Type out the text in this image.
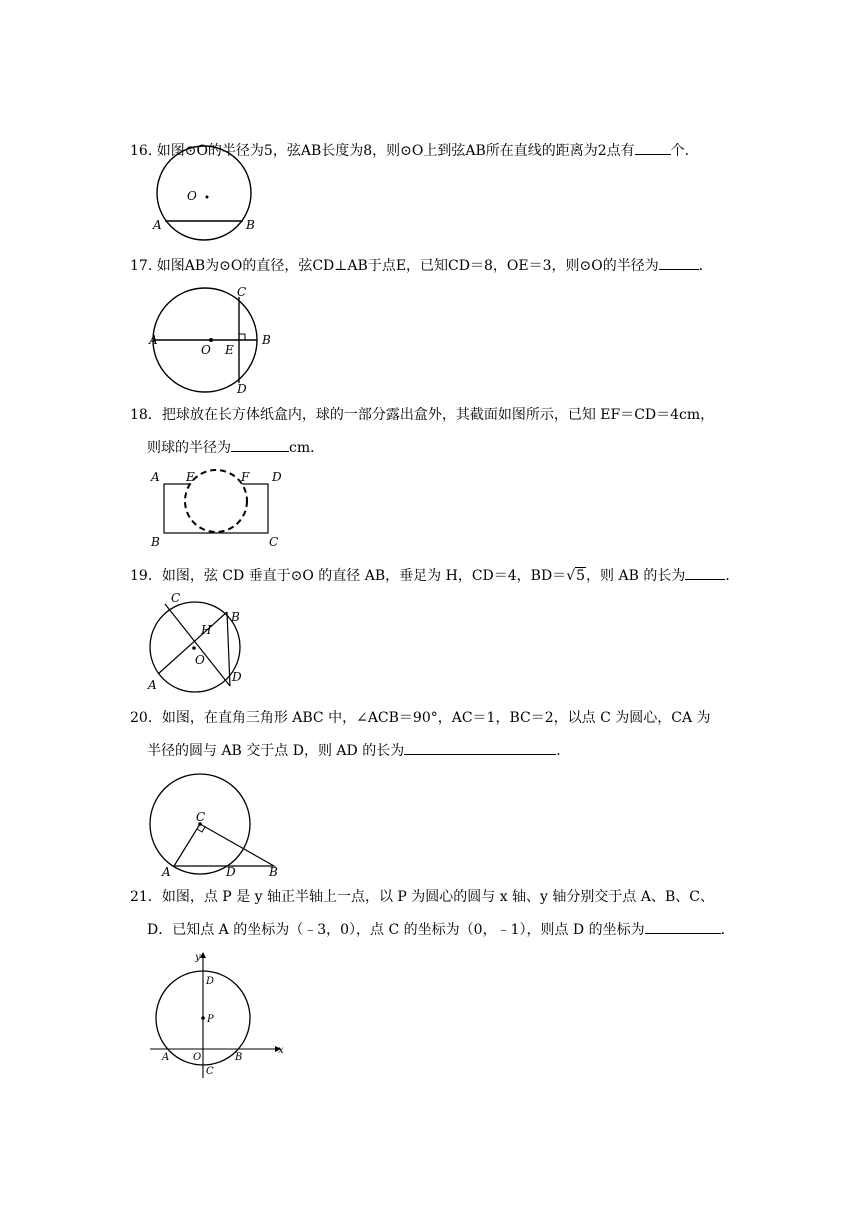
16. 如图⊙O的半径为5，弦AB长度为8，则⊙O上到弦AB所在直线的距离为2点有	个．
O
A	B
17. 如图AB为⊙O的直径，弦CD⊥AB于点E，已知CD＝8，OE＝3，则⊙O的半径为	．
A	B
C
D
O E
18．把球放在长方体纸盒内，球的一部分露出盒外，其截面如图所示，已知 EF＝CD＝4cm，
则球的半径为	cm．
A E	F D
B	C
19．如图，弦 CD 垂直于⊙O 的直径 AB，垂足为 H，CD＝4，BD＝√5，则 AB 的长为	．
C
B
H
O
A
D
20．如图，在直角三角形 ABC 中，∠ACB＝90°，AC＝1，BC＝2，以点 C 为圆心，CA 为
半径的圆与 AB 交于点 D，则 AD 的长为	．
C
A	D	B
21．如图，点 P 是 y 轴正半轴上一点，以 P 为圆心的圆与 x 轴、y 轴分别交于点 A、B、C、
D．已知点 A 的坐标为（﹣3，0），点 C 的坐标为（0，﹣1），则点 D 的坐标为	．
y
x
D
P
A O	B
C
